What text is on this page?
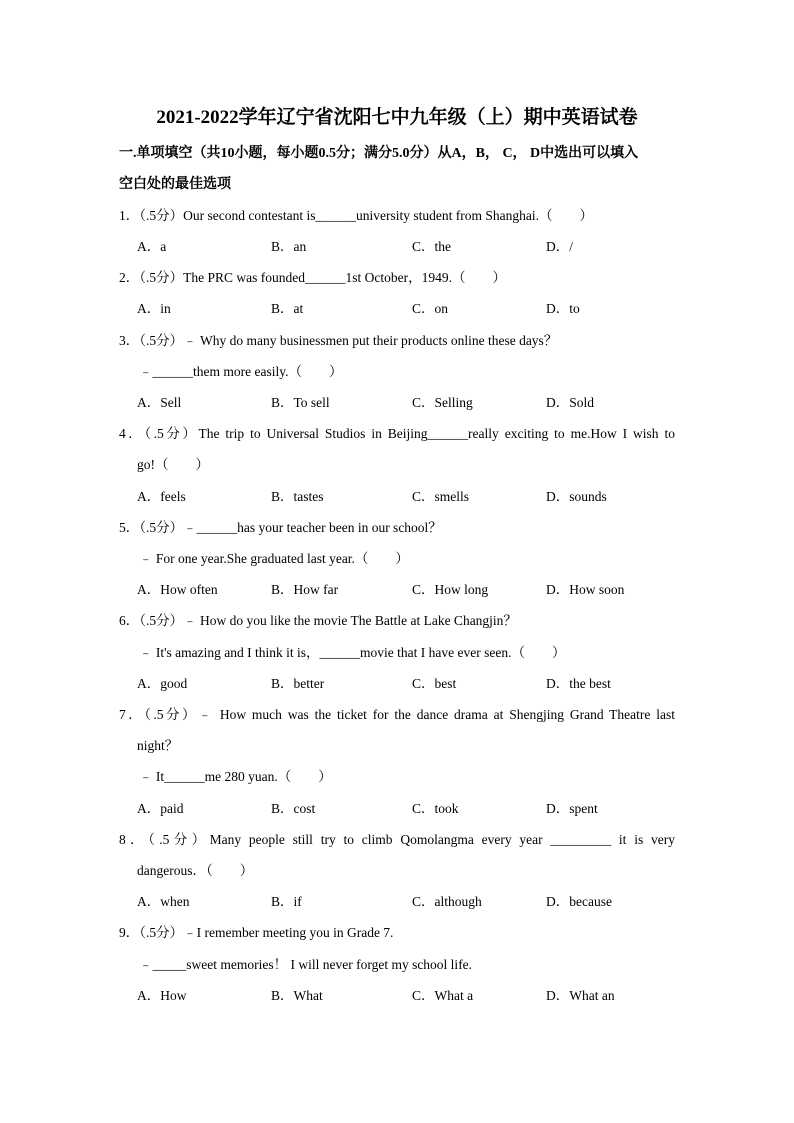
2021-2022学年辽宁省沈阳七中九年级（上）期中英语试卷

一.单项填空（共10小题，每小题0.5分；满分5.0分）从A，B， C， D中选出可以填入

空白处的最佳选项

1．（.5分）Our second contestant is______university student from Shanghai.（　　）

A．a	B．an	C．the	D．/

2．（.5分）The PRC was founded______1st October，1949.（　　）

A．in	B．at	C．on	D．to

3．（.5分）﹣ Why do many businessmen put their products online these days？

﹣______them more easily.（　　）

A．Sell	B．To sell	C．Selling	D．Sold

4．（.5分）The trip to Universal Studios in Beijing______really exciting to me.How I wish to

go!（　　）

A．feels	B．tastes	C．smells	D．sounds

5．（.5分）﹣______has your teacher been in our school？

﹣ For one year.She graduated last year.（　　）

A．How often	B．How far	C．How long	D．How soon

6．（.5分）﹣ How do you like the movie The Battle at Lake Changjin？

﹣ It's amazing and I think it is，______movie that I have ever seen.（　　）

A．good	B．better	C．best	D．the best

7．（.5分）﹣ How much was the ticket for the dance drama at Shengjing Grand Theatre last

night？

﹣ It______me 280 yuan.（　　）

A．paid	B．cost	C．took	D．spent

8．（.5分）Many people still try to climb Qomolangma every year _________ it is very

dangerous．（　　）

A．when	B．if	C．although	D．because

9．（.5分）﹣I remember meeting you in Grade 7.

﹣_____sweet memories！ I will never forget my school life.

A．How	B．What	C．What a	D．What an
